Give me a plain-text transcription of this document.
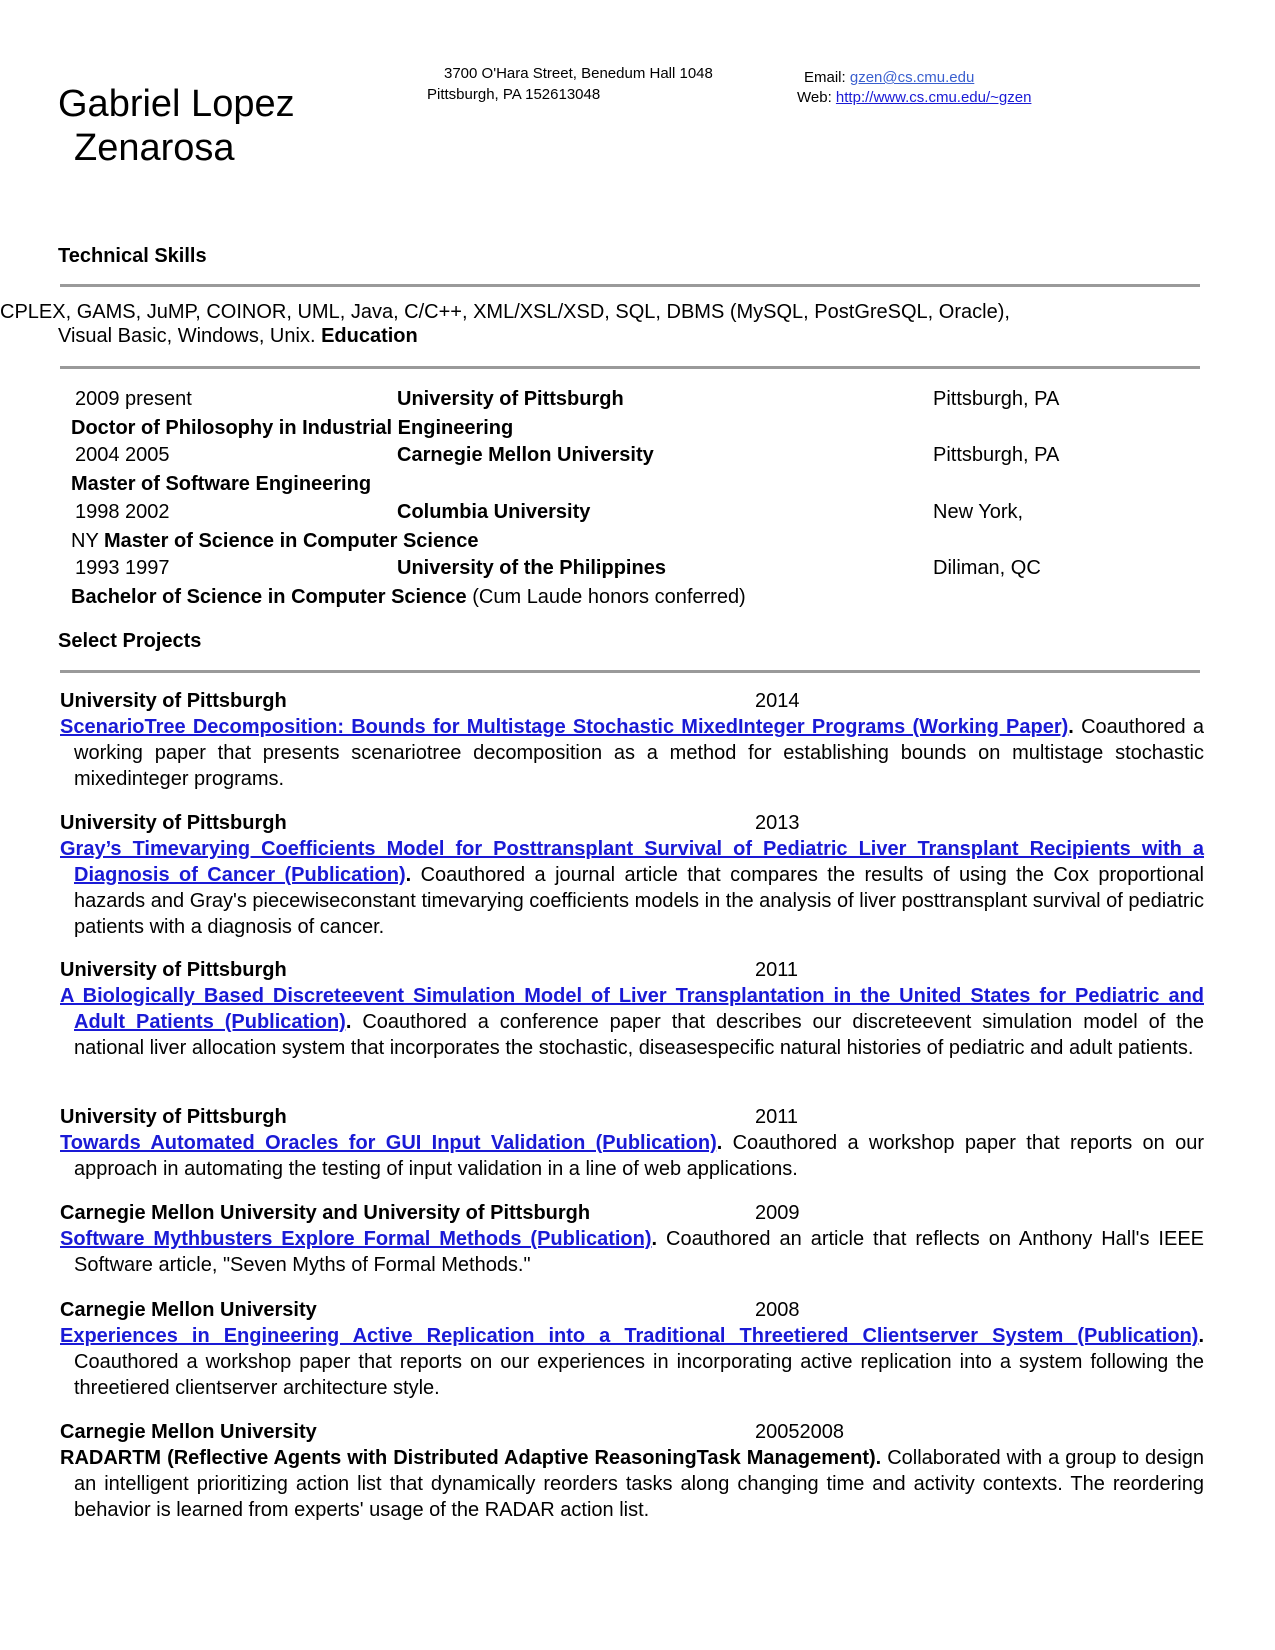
Gabriel Lopez
Zenarosa
3700 O'Hara Street, Benedum Hall 1048
Pittsburgh, PA 152613048
Email: gzen@cs.cmu.edu
Web: http://www.cs.cmu.edu/~gzen
Technical Skills
CPLEX, GAMS, JuMP, COINOR, UML, Java, C/C++, XML/XSL/XSD, SQL, DBMS (MySQL, PostGreSQL, Oracle),
Visual Basic, Windows, Unix. Education
2009 present	University of Pittsburgh	Pittsburgh, PA
Doctor of Philosophy in Industrial Engineering
2004 2005	Carnegie Mellon University	Pittsburgh, PA
Master of Software Engineering
1998 2002	Columbia University	New York,
NY Master of Science in Computer Science
1993 1997	University of the Philippines	Diliman, QC
Bachelor of Science in Computer Science (Cum Laude honors conferred)
Select Projects
University of Pittsburgh	2014
ScenarioTree Decomposition: Bounds for Multistage Stochastic MixedInteger Programs (Working Paper). Coauthored a working paper that presents scenariotree decomposition as a method for establishing bounds on multistage stochastic mixedinteger programs.
University of Pittsburgh	2013
Gray’s Timevarying Coefficients Model for Posttransplant Survival of Pediatric Liver Transplant Recipients with a Diagnosis of Cancer (Publication). Coauthored a journal article that compares the results of using the Cox proportional hazards and Gray's piecewiseconstant timevarying coefficients models in the analysis of liver posttransplant survival of pediatric patients with a diagnosis of cancer.
University of Pittsburgh	2011
A Biologically Based Discreteevent Simulation Model of Liver Transplantation in the United States for Pediatric and Adult Patients (Publication). Coauthored a conference paper that describes our discreteevent simulation model of the national liver allocation system that incorporates the stochastic, diseasespecific natural histories of pediatric and adult patients.
University of Pittsburgh	2011
Towards Automated Oracles for GUI Input Validation (Publication). Coauthored a workshop paper that reports on our approach in automating the testing of input validation in a line of web applications.
Carnegie Mellon University and University of Pittsburgh	2009
Software Mythbusters Explore Formal Methods (Publication). Coauthored an article that reflects on Anthony Hall's IEEE Software article, "Seven Myths of Formal Methods."
Carnegie Mellon University	2008
Experiences in Engineering Active Replication into a Traditional Threetiered Clientserver System (Publication). Coauthored a workshop paper that reports on our experiences in incorporating active replication into a system following the threetiered clientserver architecture style.
Carnegie Mellon University	20052008
RADARTM (Reflective Agents with Distributed Adaptive ReasoningTask Management). Collaborated with a group to design an intelligent prioritizing action list that dynamically reorders tasks along changing time and activity contexts. The reordering behavior is learned from experts' usage of the RADAR action list.
